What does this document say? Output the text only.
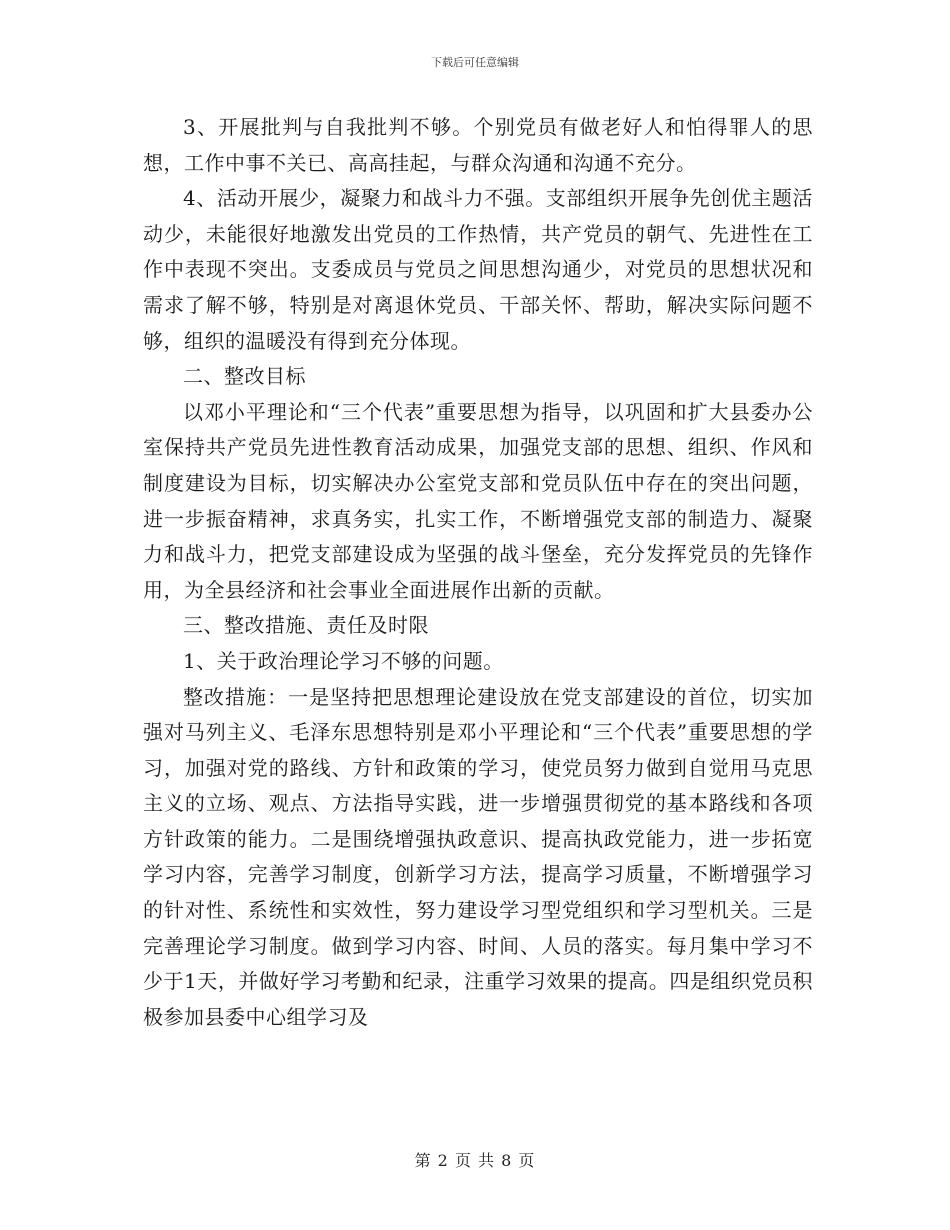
下载后可任意编辑

3、开展批判与自我批判不够。个别党员有做老好人和怕得罪人的思想，工作中事不关已、高高挂起，与群众沟通和沟通不充分。

4、活动开展少，凝聚力和战斗力不强。支部组织开展争先创优主题活动少，未能很好地激发出党员的工作热情，共产党员的朝气、先进性在工作中表现不突出。支委成员与党员之间思想沟通少，对党员的思想状况和需求了解不够，特别是对离退休党员、干部关怀、帮助，解决实际问题不够，组织的温暖没有得到充分体现。

二、整改目标

以邓小平理论和“三个代表”重要思想为指导，以巩固和扩大县委办公室保持共产党员先进性教育活动成果，加强党支部的思想、组织、作风和制度建设为目标，切实解决办公室党支部和党员队伍中存在的突出问题，进一步振奋精神，求真务实，扎实工作，不断增强党支部的制造力、凝聚力和战斗力，把党支部建设成为坚强的战斗堡垒，充分发挥党员的先锋作用，为全县经济和社会事业全面进展作出新的贡献。

三、整改措施、责任及时限

1、关于政治理论学习不够的问题。

整改措施：一是坚持把思想理论建设放在党支部建设的首位，切实加强对马列主义、毛泽东思想特别是邓小平理论和“三个代表”重要思想的学习，加强对党的路线、方针和政策的学习，使党员努力做到自觉用马克思主义的立场、观点、方法指导实践，进一步增强贯彻党的基本路线和各项方针政策的能力。二是围绕增强执政意识、提高执政党能力，进一步拓宽学习内容，完善学习制度，创新学习方法，提高学习质量，不断增强学习的针对性、系统性和实效性，努力建设学习型党组织和学习型机关。三是完善理论学习制度。做到学习内容、时间、人员的落实。每月集中学习不少于1天，并做好学习考勤和纪录，注重学习效果的提高。四是组织党员积极参加县委中心组学习及

第 2 页 共 8 页
